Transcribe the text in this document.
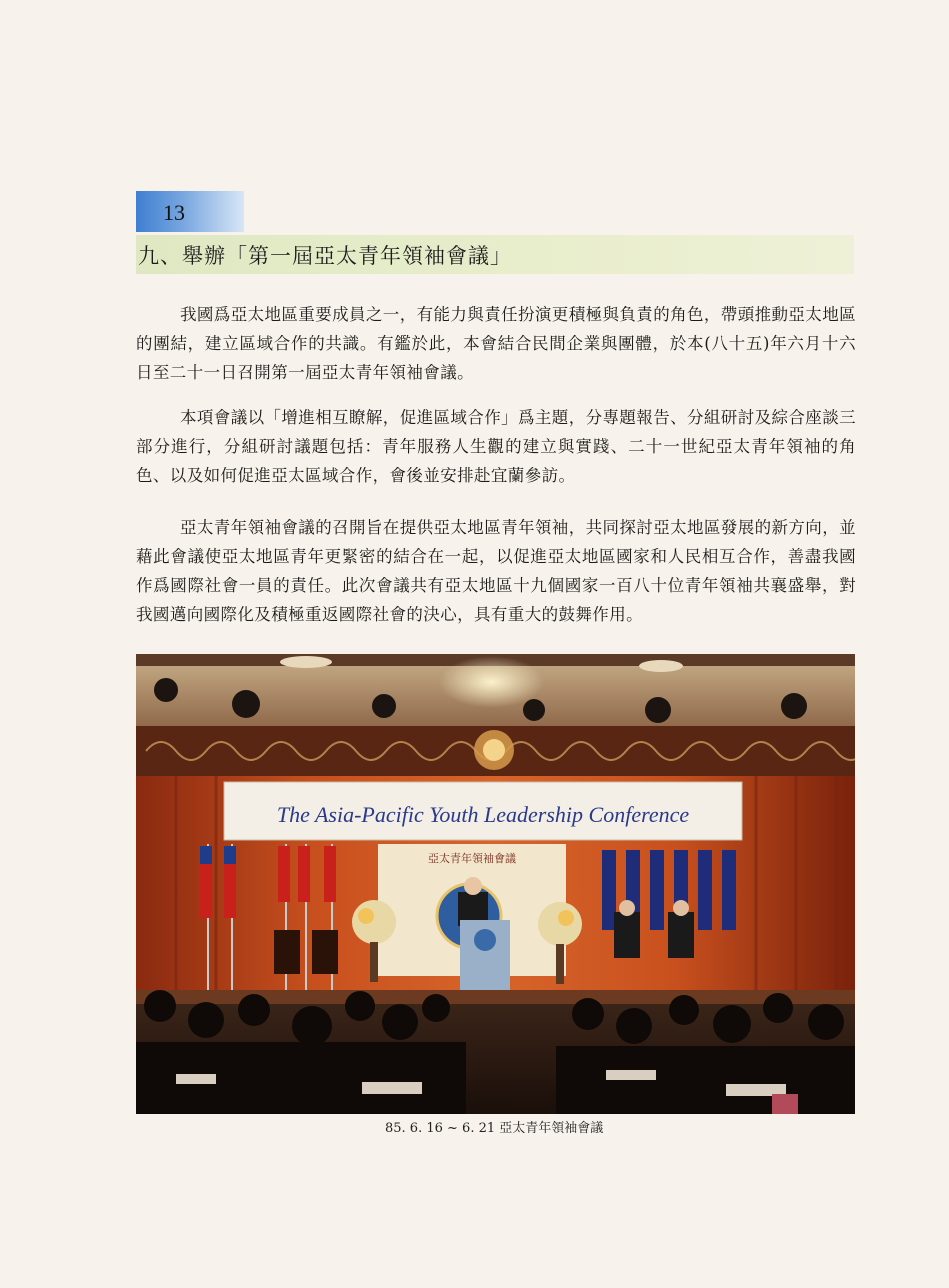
13
九、舉辦「第一屆亞太青年領袖會議」

我國爲亞太地區重要成員之一，有能力與責任扮演更積極與負責的角色，帶頭推動亞太地區的團結，建立區域合作的共識。有鑑於此，本會結合民間企業與團體，於本(八十五)年六月十六日至二十一日召開第一屆亞太青年領袖會議。

本項會議以「增進相互瞭解，促進區域合作」爲主題，分專題報告、分組研討及綜合座談三部分進行，分組研討議題包括：青年服務人生觀的建立與實踐、二十一世紀亞太青年領袖的角色、以及如何促進亞太區域合作，會後並安排赴宜蘭參訪。

亞太青年領袖會議的召開旨在提供亞太地區青年領袖，共同探討亞太地區發展的新方向，並藉此會議使亞太地區青年更緊密的結合在一起，以促進亞太地區國家和人民相互合作，善盡我國作爲國際社會一員的責任。此次會議共有亞太地區十九個國家一百八十位青年領袖共襄盛舉，對我國邁向國際化及積極重返國際社會的決心，具有重大的鼓舞作用。

The Asia-Pacific Youth Leadership Conference
亞太青年領袖會議
85. 6. 16 ~ 6. 21 亞太青年領袖會議
